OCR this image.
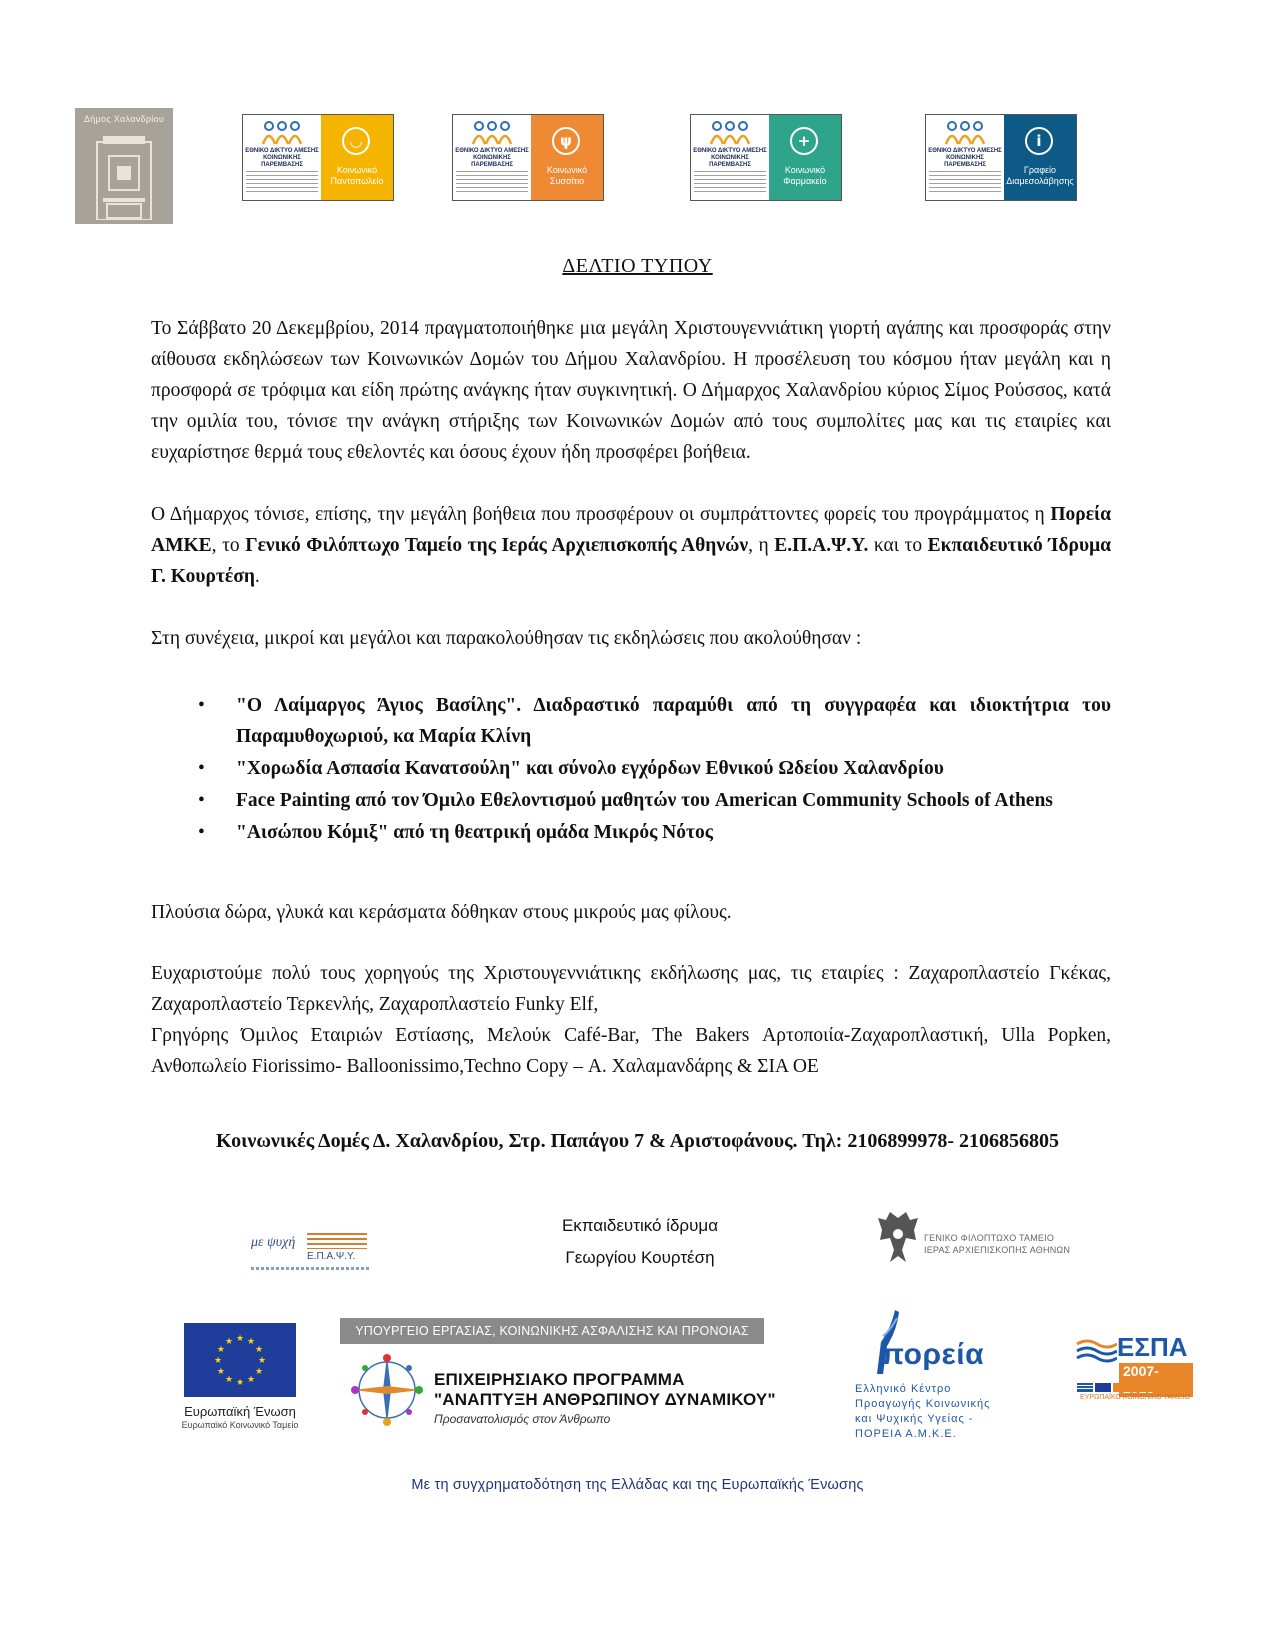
Δήμος Χαλανδρίου
ΕΘΝΙΚΟ ΔΙΚΤΥΟ ΑΜΕΣΗΣ ΚΟΙΝΩΝΙΚΗΣ ΠΑΡΕΜΒΑΣΗΣ
◡
Κοινωνικό Παντοπωλείο
ΕΘΝΙΚΟ ΔΙΚΤΥΟ ΑΜΕΣΗΣ ΚΟΙΝΩΝΙΚΗΣ ΠΑΡΕΜΒΑΣΗΣ
ψ
Κοινωνικό Συσσίτιο
ΕΘΝΙΚΟ ΔΙΚΤΥΟ ΑΜΕΣΗΣ ΚΟΙΝΩΝΙΚΗΣ ΠΑΡΕΜΒΑΣΗΣ
+
Κοινωνικό Φαρμακείο
ΕΘΝΙΚΟ ΔΙΚΤΥΟ ΑΜΕΣΗΣ ΚΟΙΝΩΝΙΚΗΣ ΠΑΡΕΜΒΑΣΗΣ
i
Γραφείο Διαμεσολάβησης
ΔΕΛΤΙΟ ΤΥΠΟΥ

Το Σάββατο 20 Δεκεμβρίου, 2014 πραγματοποιήθηκε μια μεγάλη Χριστουγεννιάτικη γιορτή αγάπης και προσφοράς στην αίθουσα εκδηλώσεων των Κοινωνικών Δομών του Δήμου Χαλανδρίου. Η προσέλευση του κόσμου ήταν μεγάλη και η προσφορά σε τρόφιμα και είδη πρώτης ανάγκης ήταν συγκινητική. Ο Δήμαρχος Χαλανδρίου κύριος Σίμος Ρούσσος, κατά την ομιλία του, τόνισε την ανάγκη στήριξης των Κοινωνικών Δομών από τους συμπολίτες μας και τις εταιρίες και ευχαρίστησε θερμά τους εθελοντές και όσους έχουν ήδη προσφέρει βοήθεια.

Ο Δήμαρχος τόνισε, επίσης, την μεγάλη βοήθεια που προσφέρουν οι συμπράττοντες φορείς του προγράμματος η Πορεία ΑΜΚΕ, το Γενικό Φιλόπτωχο Ταμείο της Ιεράς Αρχιεπισκοπής Αθηνών, η Ε.Π.Α.Ψ.Υ. και το Εκπαιδευτικό Ίδρυμα Γ. Κουρτέση.

Στη συνέχεια, μικροί και μεγάλοι και παρακολούθησαν τις εκδηλώσεις που ακολούθησαν :

• "Ο Λαίμαργος Άγιος Βασίλης". Διαδραστικό παραμύθι από τη συγγραφέα και ιδιοκτήτρια του Παραμυθοχωριού, κα Μαρία Κλίνη
• "Χορωδία Ασπασία Κανατσούλη" και σύνολο εγχόρδων Εθνικού Ωδείου Χαλανδρίου
• Face Painting από τον Όμιλο Εθελοντισμού μαθητών του American Community Schools of Athens
• "Αισώπου Κόμιξ" από τη θεατρική ομάδα Μικρός Νότος

Πλούσια δώρα, γλυκά και κεράσματα δόθηκαν στους μικρούς μας φίλους.

Ευχαριστούμε πολύ τους χορηγούς της Χριστουγεννιάτικης εκδήλωσης μας, τις εταιρίες : Ζαχαροπλαστείο Γκέκας, Ζαχαροπλαστείο Τερκενλής, Ζαχαροπλαστείο Funky Elf,

Γρηγόρης Όμιλος Εταιριών Εστίασης, Μελούκ Café-Bar, The Bakers Αρτοποιία-Ζαχαροπλαστική, Ulla Popken, Ανθοπωλείο Fiorissimo- Balloonissimo,Techno Copy – Α. Χαλαμανδάρης & ΣΙΑ ΟΕ

Κοινωνικές Δομές Δ. Χαλανδρίου, Στρ. Παπάγου 7 & Αριστοφάνους. Τηλ: 2106899978- 2106856805
με ψυχή
Ε.Π.Α.Ψ.Υ.
Εκπαιδευτικό ίδρυμα
Γεωργίου Κουρτέση
ΓΕΝΙΚΟ ΦΙΛΟΠΤΩΧΟ ΤΑΜΕΙΟ
ΙΕΡΑΣ ΑΡΧΙΕΠΙΣΚΟΠΗΣ ΑΘΗΝΩΝ
★
★
★
★
★
★
★
★
★ ★ ★
★
Ευρωπαϊκή Ένωση
Ευρωπαϊκό Κοινωνικό Ταμείο
ΥΠΟΥΡΓΕΙΟ ΕΡΓΑΣΙΑΣ, ΚΟΙΝΩΝΙΚΗΣ ΑΣΦΑΛΙΣΗΣ ΚΑΙ ΠΡΟΝΟΙΑΣ
ΕΠΙΧΕΙΡΗΣΙΑΚΟ ΠΡΟΓΡΑΜΜΑ
"ΑΝΑΠΤΥΞΗ ΑΝΘΡΩΠΙΝΟΥ ΔΥΝΑΜΙΚΟΥ"
Προσανατολισμός στον Άνθρωπο
πορεία
Ελληνικό Κέντρο
Προαγωγής Κοινωνικής
και Ψυχικής Υγείας -
ΠΟΡΕΙΑ Α.Μ.Κ.Ε.
ΕΣΠΑ
2007-
ΕΥΡΩΠΑΪΚΟ ΚΟΙΝΩΝΙΚΟ ΤΑΜΕΙΟ
Με τη συγχρηματοδότηση της Ελλάδας και της Ευρωπαϊκής Ένωσης
